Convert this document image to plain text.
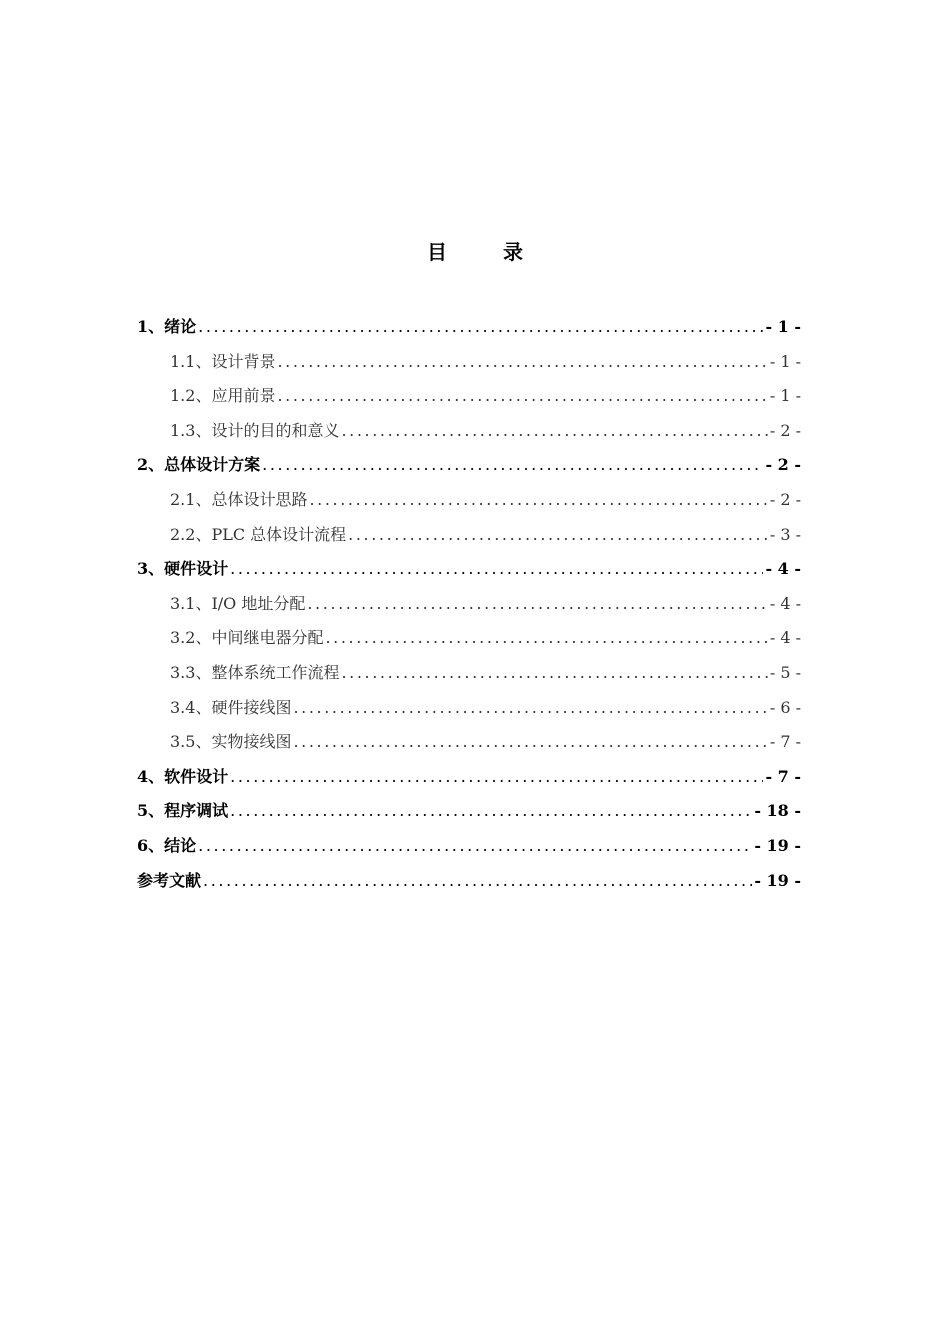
目　录
1、绪论 .....	- 1 -
1.1、设计背景 .....	- 1 -
1.2、应用前景 .....	- 1 -
1.3、设计的目的和意义 .....	- 2 -
2、总体设计方案 .....	- 2 -
2.1、总体设计思路 .....	- 2 -
2.2、PLC 总体设计流程 .....	- 3 -
3、硬件设计 .....	- 4 -
3.1、I/O 地址分配 .....	- 4 -
3.2、中间继电器分配 .....	- 4 -
3.3、整体系统工作流程 .....	- 5 -
3.4、硬件接线图 .....	- 6 -
3.5、实物接线图 .....	- 7 -
4、软件设计 .....	- 7 -
5、程序调试 .....	- 18 -
6、结论 .....	- 19 -
参考文献 .....	- 19 -
